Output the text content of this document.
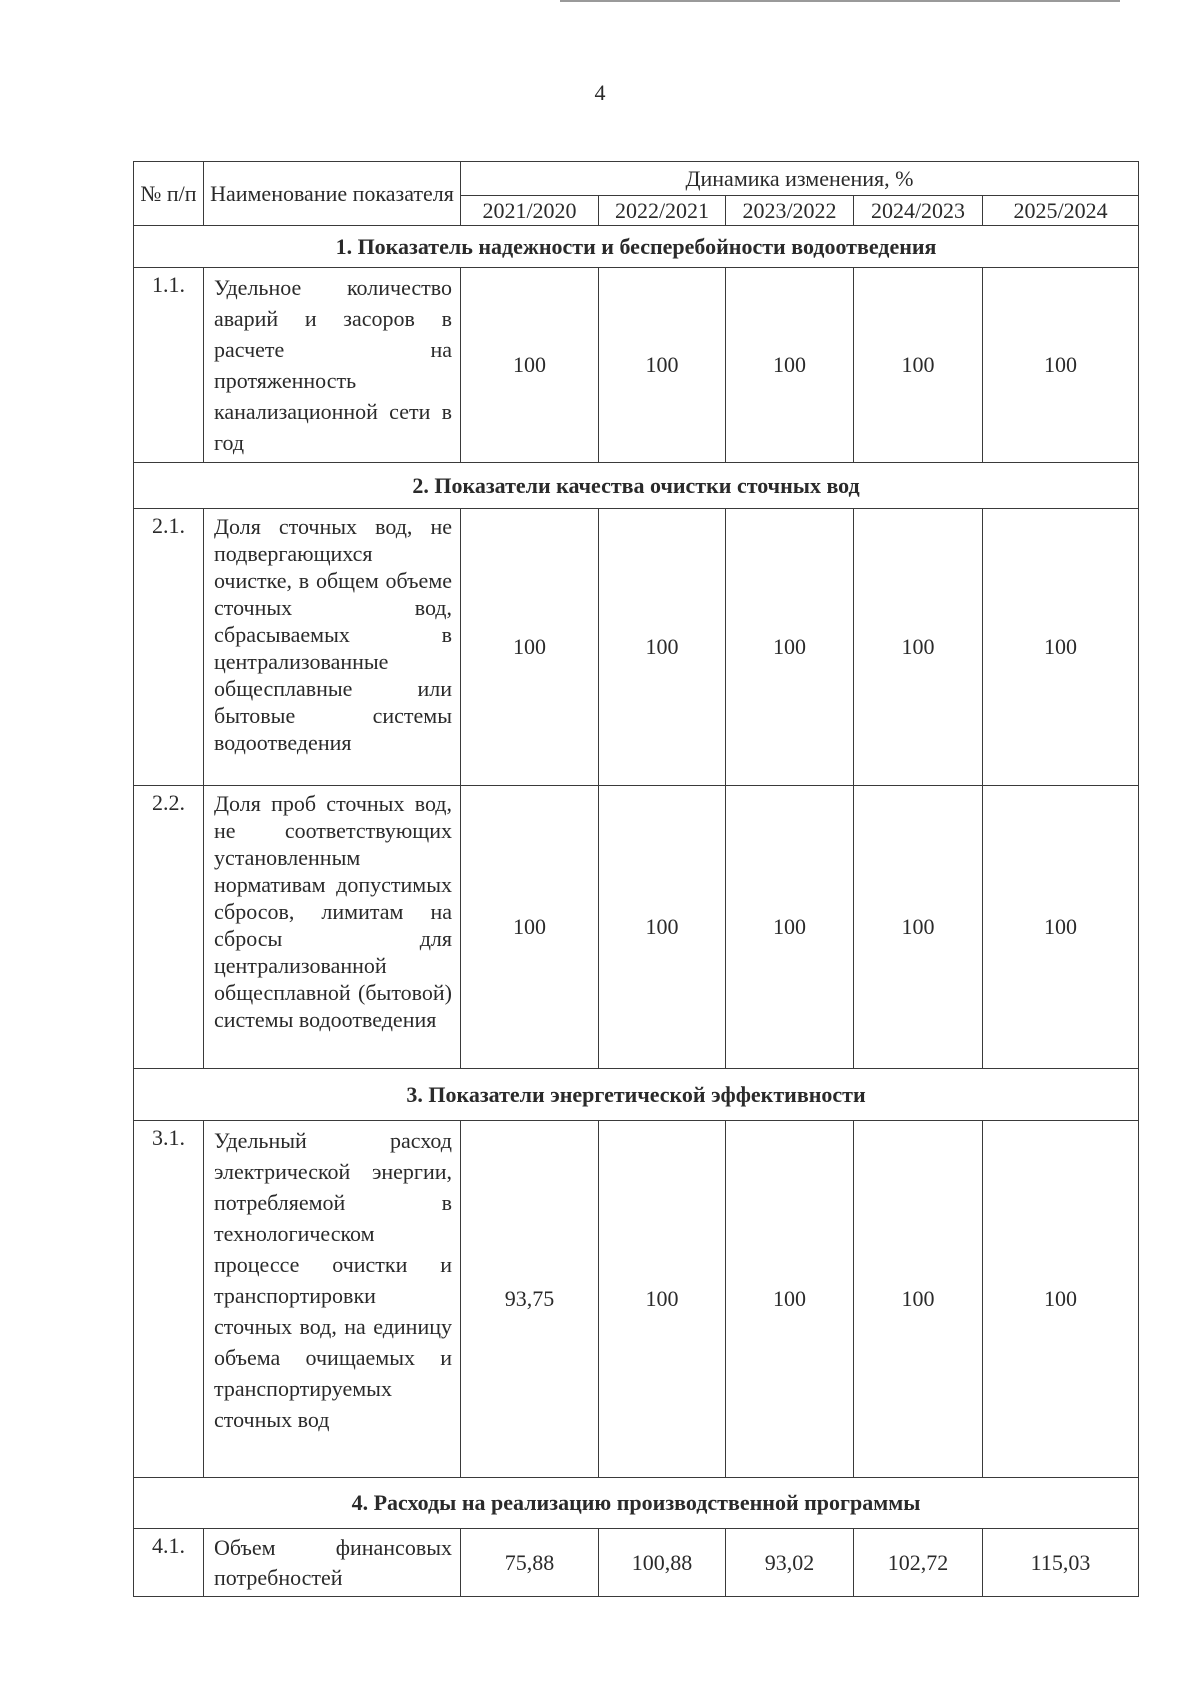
4
№ п/п	Наименование показателя	Динамика изменения, %				
		2021/2020	2022/2021	2023/2022	2024/2023	2025/2024
1. Показатель надежности и бесперебойности водоотведения						
1.1.	Удельное количество аварий и засоров в расчете на протяженность канализационной сети в год	100	100	100	100	100
2. Показатели качества очистки сточных вод						
2.1.	Доля сточных вод, не подвергающихся очистке, в общем объеме сточных вод, сбрасываемых в централизованные общесплавные или бытовые системы водоотведения	100	100	100	100	100
2.2.	Доля проб сточных вод, не соответствующих установленным нормативам допустимых сбросов, лимитам на сбросы для централизованной общесплавной (бытовой) системы водоотведения	100	100	100	100	100
3. Показатели энергетической эффективности						
3.1.	Удельный расход электрической энергии, потребляемой в технологическом процессе очистки и транспортировки сточных вод, на единицу объема очищаемых и транспортируемых сточных вод	93,75	100	100	100	100
4. Расходы на реализацию производственной программы						
4.1.	Объем финансовых потребностей	75,88	100,88	93,02	102,72	115,03
